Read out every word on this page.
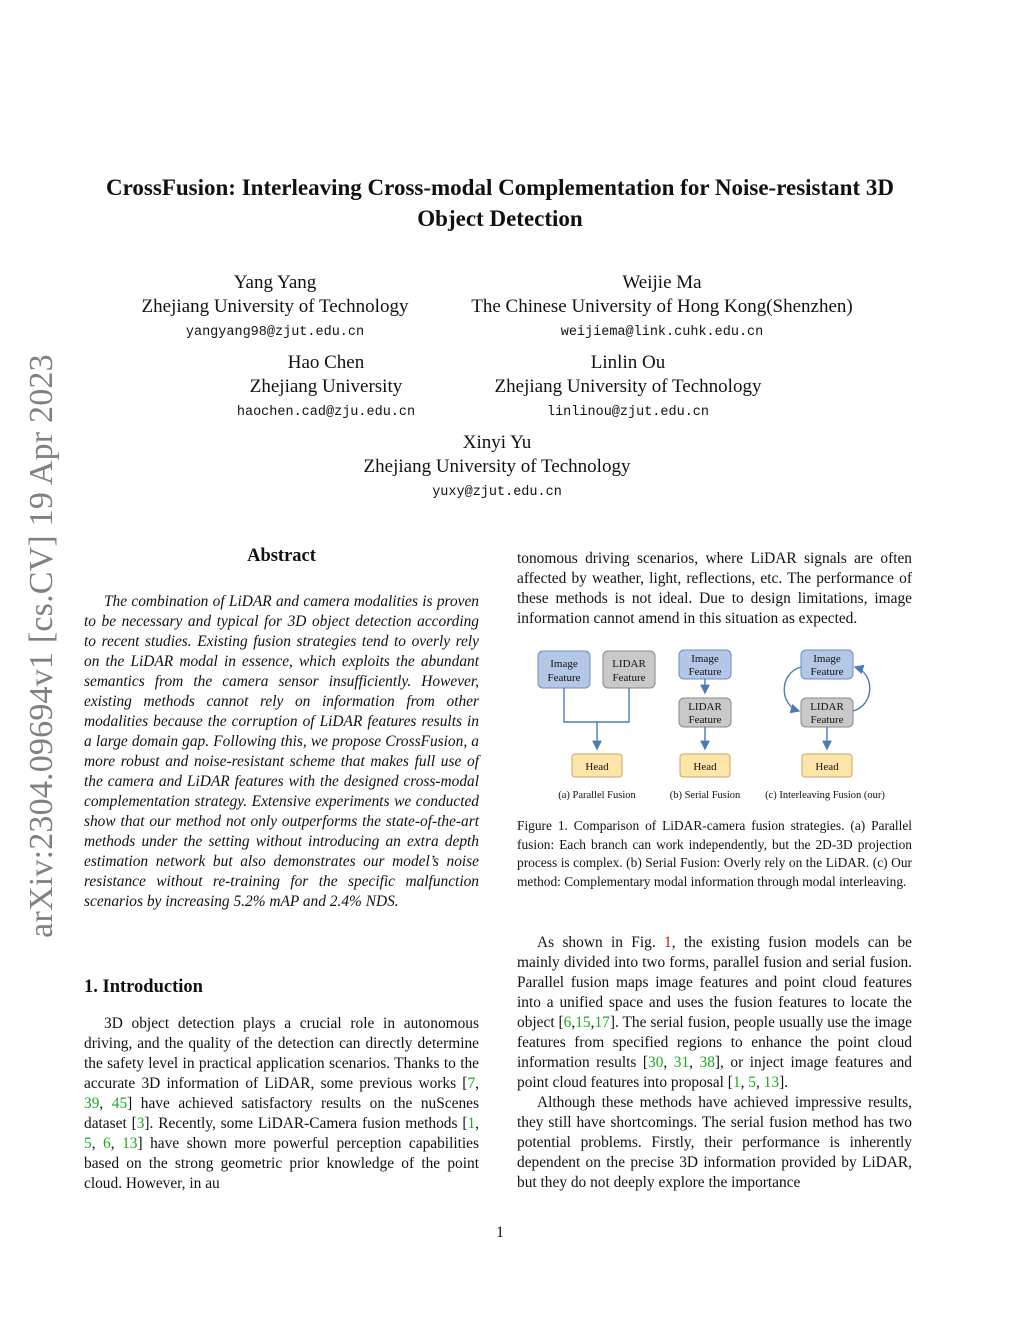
arXiv:2304.09694v1 [cs.CV] 19 Apr 2023
CrossFusion: Interleaving Cross-modal Complementation for Noise-resistant 3D Object Detection
Yang Yang
Zhejiang University of Technology
yangyang98@zjut.edu.cn
Weijie Ma
The Chinese University of Hong Kong(Shenzhen)
weijiema@link.cuhk.edu.cn
Hao Chen
Zhejiang University
haochen.cad@zju.edu.cn
Linlin Ou
Zhejiang University of Technology
linlinou@zjut.edu.cn
Xinyi Yu
Zhejiang University of Technology
yuxy@zjut.edu.cn
Abstract

The combination of LiDAR and camera modalities is proven to be necessary and typical for 3D object detection according to recent studies. Existing fusion strategies tend to overly rely on the LiDAR modal in essence, which exploits the abundant semantics from the camera sensor insufficiently. However, existing methods cannot rely on information from other modalities because the corruption of LiDAR features results in a large domain gap. Following this, we propose CrossFusion, a more robust and noise-resistant scheme that makes full use of the camera and LiDAR features with the designed cross-modal complementation strategy. Extensive experiments we conducted show that our method not only outperforms the state-of-the-art methods under the setting without introducing an extra depth estimation network but also demonstrates our model’s noise resistance without re-training for the specific malfunction scenarios by increasing 5.2% mAP and 2.4% NDS.

1. Introduction

3D object detection plays a crucial role in autonomous driving, and the quality of the detection can directly determine the safety level in practical application scenarios. Thanks to the accurate 3D information of LiDAR, some previous works [7, 39, 45] have achieved satisfactory results on the nuScenes dataset [3]. Recently, some LiDAR-Camera fusion methods [1, 5, 6, 13] have shown more powerful perception capabilities based on the strong geometric prior knowledge of the point cloud. However, in au

tonomous driving scenarios, where LiDAR signals are often affected by weather, light, reflections, etc. The performance of these methods is not ideal. Due to design limitations, image information cannot amend in this situation as expected.

Image
Feature
LIDAR
Feature
Head
(a) Parallel Fusion
Image
Feature
LIDAR
Feature
Head
(b) Serial Fusion
Image
Feature
LIDAR
Feature
Head
(c) Interleaving Fusion (our)
Figure 1. Comparison of LiDAR-camera fusion strategies. (a) Parallel fusion: Each branch can work independently, but the 2D-3D projection process is complex. (b) Serial Fusion: Overly rely on the LiDAR. (c) Our method: Complementary modal information through modal interleaving.

As shown in Fig. 1, the existing fusion models can be mainly divided into two forms, parallel fusion and serial fusion. Parallel fusion maps image features and point cloud features into a unified space and uses the fusion features to locate the object [6,15,17]. The serial fusion, people usually use the image features from specified regions to enhance the point cloud information results [30, 31, 38], or inject image features and point cloud features into proposal [1, 5, 13].

Although these methods have achieved impressive results, they still have shortcomings. The serial fusion method has two potential problems. Firstly, their performance is inherently dependent on the precise 3D information provided by LiDAR, but they do not deeply explore the importance

1
